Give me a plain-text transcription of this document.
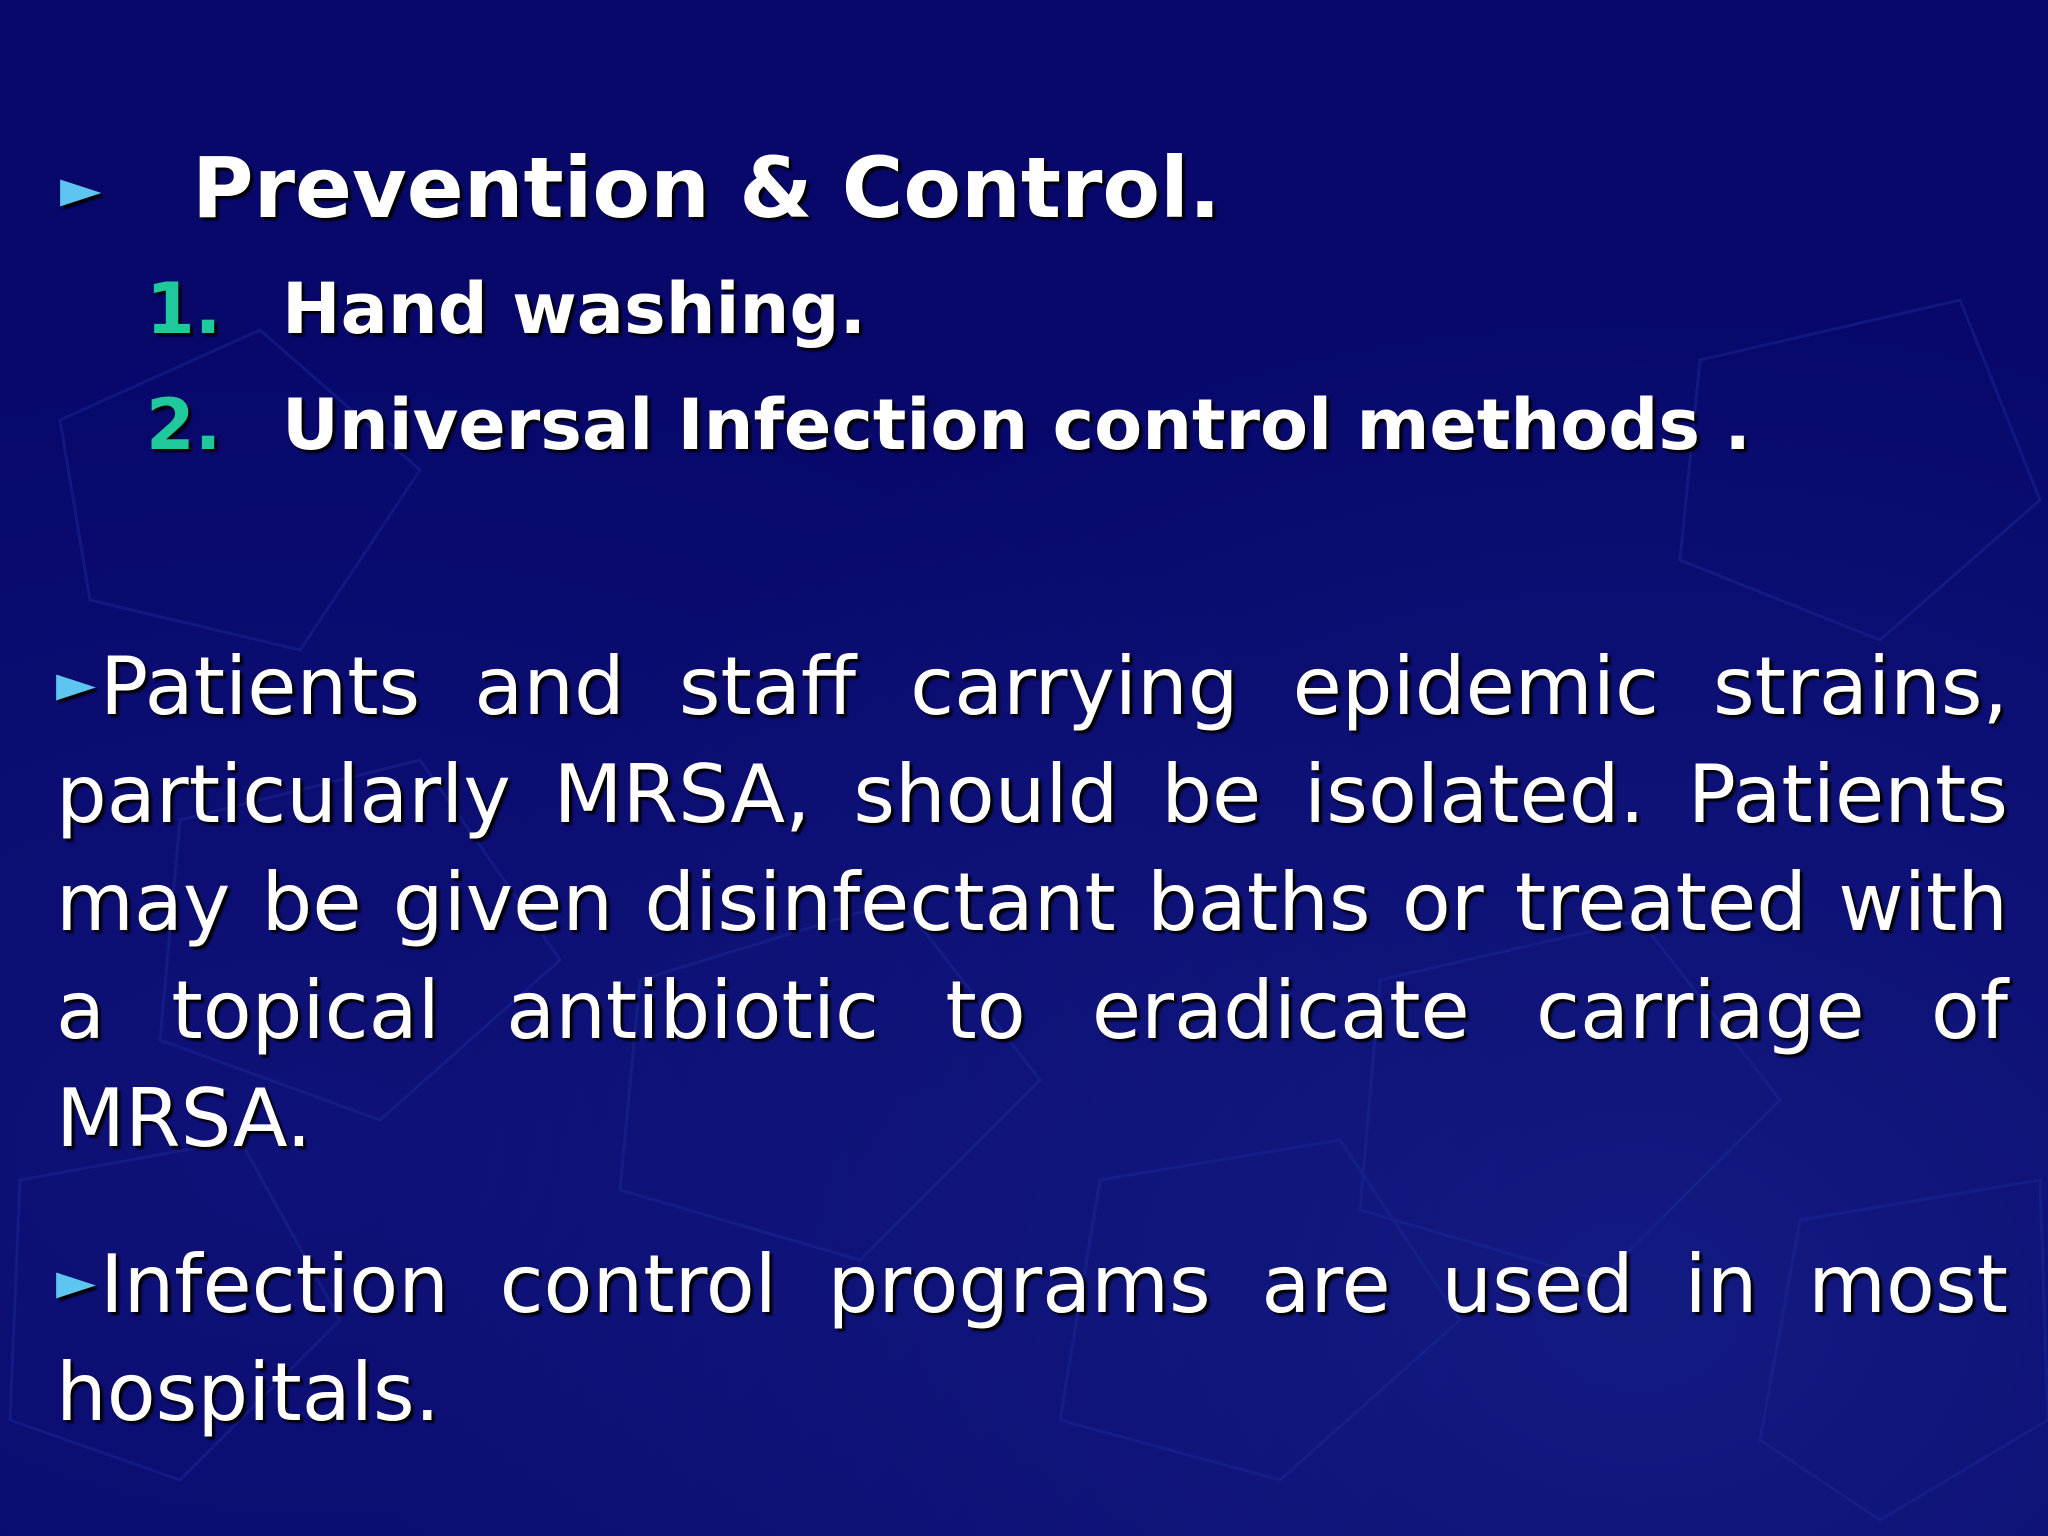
►	Prevention & Control.
1. Hand washing.
2. Universal Infection control methods .
►Patients and staff carrying epidemic strains, particularly MRSA, should be isolated. Patients may be given disinfectant baths or treated with a topical antibiotic to eradicate carriage of MRSA.
►Infection control programs are used in most hospitals.
